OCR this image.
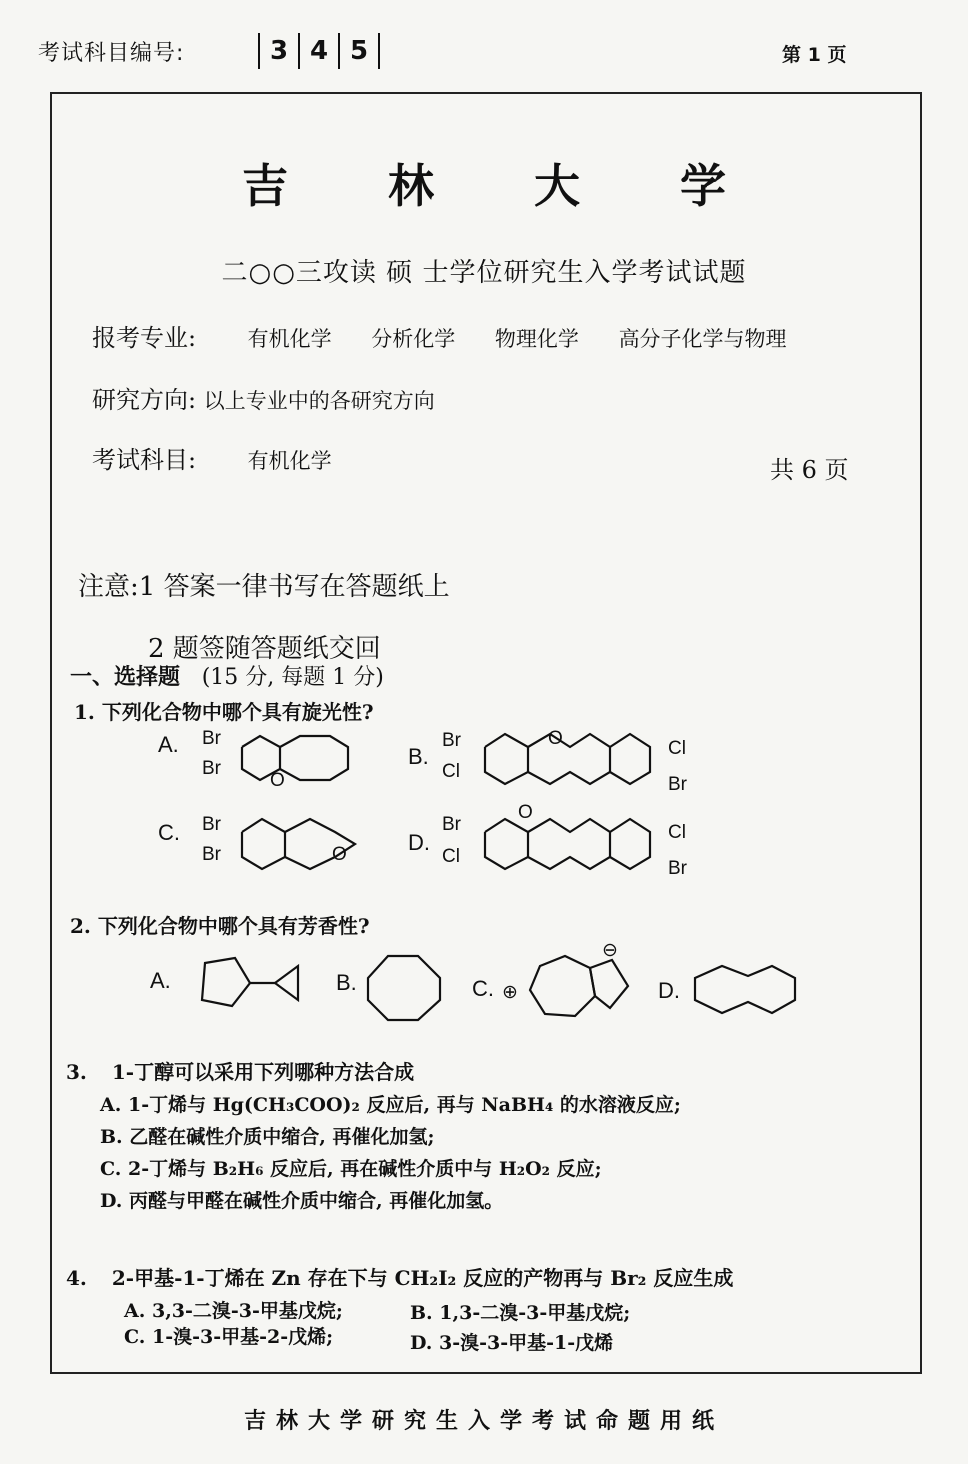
考试科目编号:	3 4 5	第 1 页
吉 林 大 学
二○○三攻读 硕 士学位研究生入学考试试题
报考专业: 有机化学 分析化学 物理化学 高分子化学与物理
研究方向: 以上专业中的各研究方向
考试科目: 有机化学	共 6 页
注意:1 答案一律书写在答题纸上
2 题签随答题纸交回
一、选择题 (15 分, 每题 1 分)
1. 下列化合物中哪个具有旋光性?
A. Br
Br
O
B.
Br
Cl
O	Cl
Br
C. Br
Br	O	D.
Br
Cl
O
Cl
Br
2. 下列化合物中哪个具有芳香性?
A.	B.	C. ⊕
⊖
D.
3. 1-丁醇可以采用下列哪种方法合成
A. 1-丁烯与 Hg(CH₃COO)₂ 反应后, 再与 NaBH₄ 的水溶液反应;
B. 乙醛在碱性介质中缩合, 再催化加氢;
C. 2-丁烯与 B₂H₆ 反应后, 再在碱性介质中与 H₂O₂ 反应;
D. 丙醛与甲醛在碱性介质中缩合, 再催化加氢。
4. 2-甲基-1-丁烯在 Zn 存在下与 CH₂I₂ 反应的产物再与 Br₂ 反应生成
A. 3,3-二溴-3-甲基戊烷;	B. 1,3-二溴-3-甲基戊烷;
C. 1-溴-3-甲基-2-戊烯;	D. 3-溴-3-甲基-1-戊烯
吉林大学研究生入学考试命题用纸
